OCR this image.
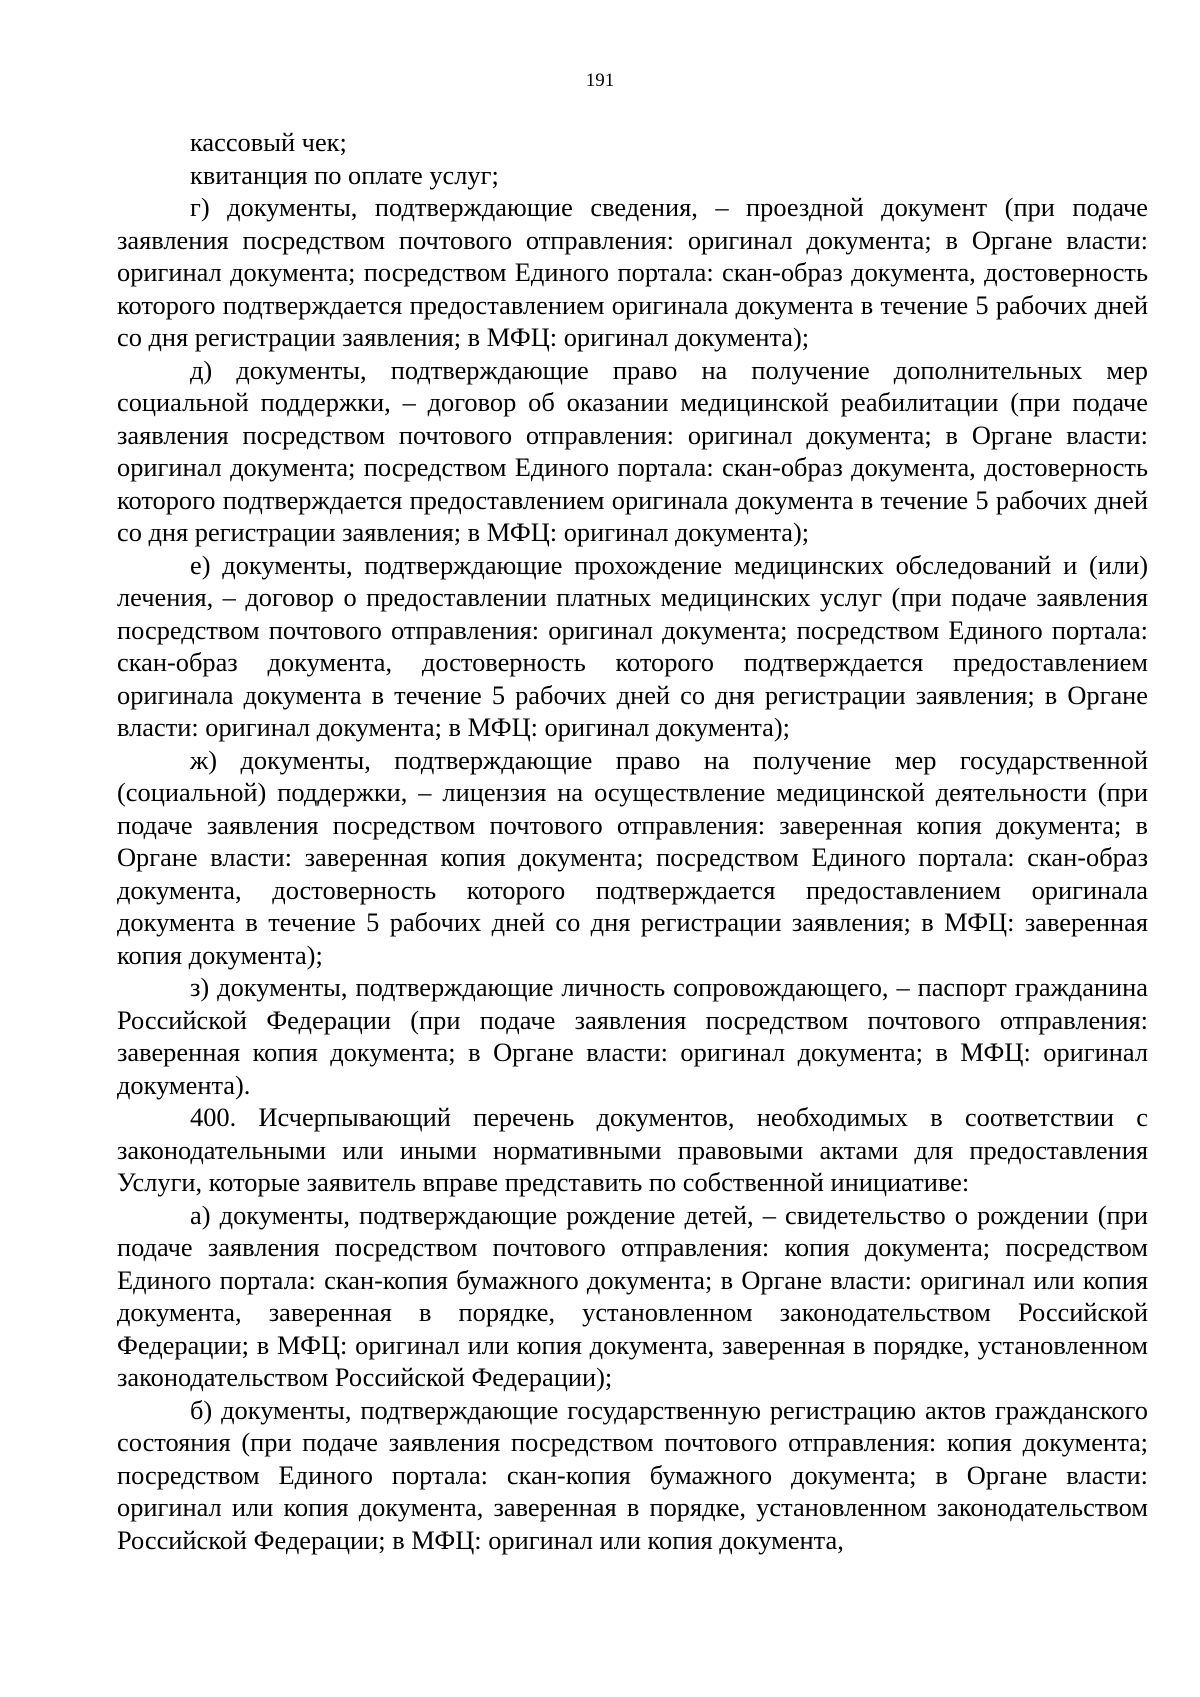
191

кассовый чек;

квитанция по оплате услуг;

г) документы, подтверждающие сведения, – проездной документ (при подаче заявления посредством почтового отправления: оригинал документа; в Органе власти: оригинал документа; посредством Единого портала: скан-образ документа, достоверность которого подтверждается предоставлением оригинала документа в течение 5 рабочих дней со дня регистрации заявления; в МФЦ: оригинал документа);

д) документы, подтверждающие право на получение дополнительных мер социальной поддержки, – договор об оказании медицинской реабилитации (при подаче заявления посредством почтового отправления: оригинал документа; в Органе власти: оригинал документа; посредством Единого портала: скан-образ документа, достоверность которого подтверждается предоставлением оригинала документа в течение 5 рабочих дней со дня регистрации заявления; в МФЦ: оригинал документа);

е) документы, подтверждающие прохождение медицинских обследований и (или) лечения, – договор о предоставлении платных медицинских услуг (при подаче заявления посредством почтового отправления: оригинал документа; посредством Единого портала: скан-образ документа, достоверность которого подтверждается предоставлением оригинала документа в течение 5 рабочих дней со дня регистрации заявления; в Органе власти: оригинал документа; в МФЦ: оригинал документа);

ж) документы, подтверждающие право на получение мер государственной (социальной) поддержки, – лицензия на осуществление медицинской деятельности (при подаче заявления посредством почтового отправления: заверенная копия документа; в Органе власти: заверенная копия документа; посредством Единого портала: скан-образ документа, достоверность которого подтверждается предоставлением оригинала документа в течение 5 рабочих дней со дня регистрации заявления; в МФЦ: заверенная копия документа);

з) документы, подтверждающие личность сопровождающего, – паспорт гражданина Российской Федерации (при подаче заявления посредством почтового отправления: заверенная копия документа; в Органе власти: оригинал документа; в МФЦ: оригинал документа).

400. Исчерпывающий перечень документов, необходимых в соответствии с законодательными или иными нормативными правовыми актами для предоставления Услуги, которые заявитель вправе представить по собственной инициативе:

а) документы, подтверждающие рождение детей, – свидетельство о рождении (при подаче заявления посредством почтового отправления: копия документа; посредством Единого портала: скан-копия бумажного документа; в Органе власти: оригинал или копия документа, заверенная в порядке, установленном законодательством Российской Федерации; в МФЦ: оригинал или копия документа, заверенная в порядке, установленном законодательством Российской Федерации);

б) документы, подтверждающие государственную регистрацию актов гражданского состояния (при подаче заявления посредством почтового отправления: копия документа; посредством Единого портала: скан-копия бумажного документа; в Органе власти: оригинал или копия документа, заверенная в порядке, установленном законодательством Российской Федерации; в МФЦ: оригинал или копия документа,
